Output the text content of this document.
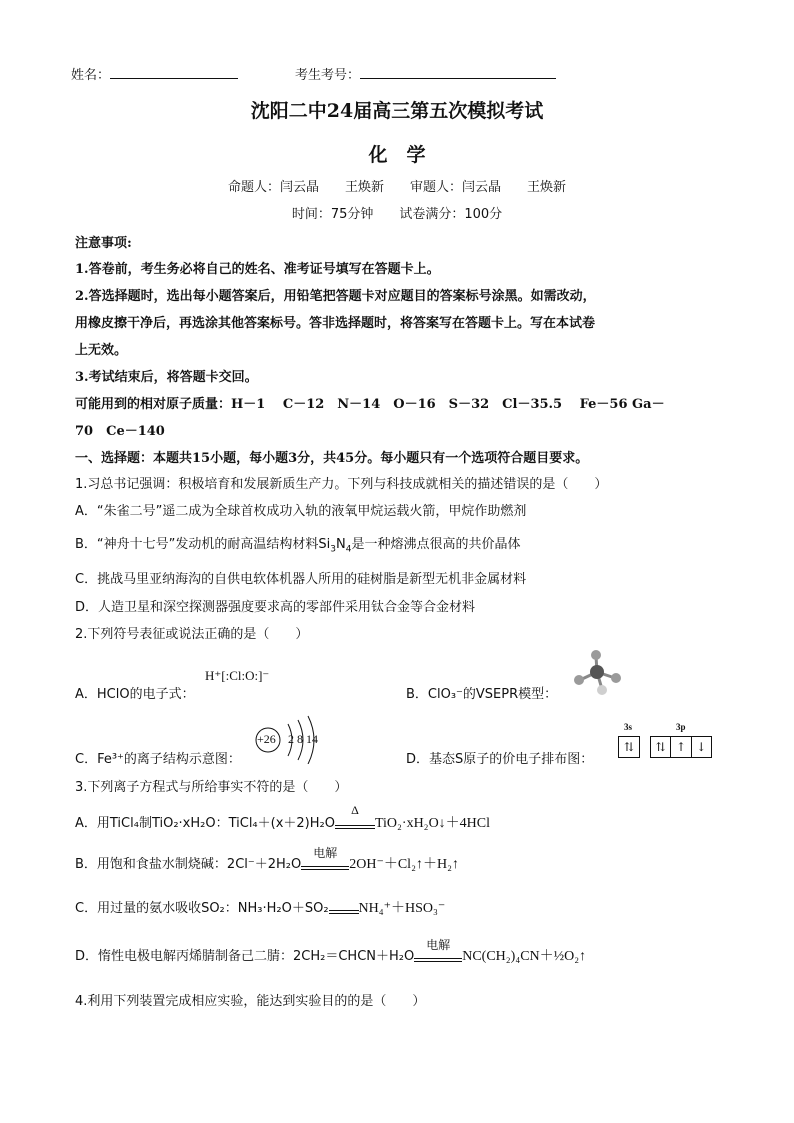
姓名：	考生考号：
沈阳二中24届高三第五次模拟考试
化　学
命题人：闫云晶　　王焕新　　审题人：闫云晶　　王焕新
时间：75分钟　　试卷满分：100分
注意事项:
1.答卷前，考生务必将自己的姓名、准考证号填写在答题卡上。
2.答选择题时，选出每小题答案后，用铅笔把答题卡对应题目的答案标号涂黑。如需改动，
用橡皮擦干净后，再选涂其他答案标号。答非选择题时，将答案写在答题卡上。写在本试卷
上无效。
3.考试结束后，将答题卡交回。
可能用到的相对原子质量：H－1　 C－12　N－14　O－16　S－32　Cl－35.5　 Fe－56 Ga－
70　Ce－140
一、选择题：本题共15小题，每小题3分，共45分。每小题只有一个选项符合题目要求。
1.习总书记强调：积极培育和发展新质生产力。下列与科技成就相关的描述错误的是（　　）
A．“朱雀二号”遥二成为全球首枚成功入轨的液氧甲烷运载火箭，甲烷作助燃剂
B．“神舟十七号”发动机的耐高温结构材料$Si_3N_4$是一种熔沸点很高的共价晶体
C．挑战马里亚纳海沟的自供电软体机器人所用的硅树脂是新型无机非金属材料
D．人造卫星和深空探测器强度要求高的零部件采用钛合金等合金材料
2.下列符号表征或说法正确的是（　　）
A．HClO的电子式：
H⁺[:Cl:O:]⁻
B．ClO₃⁻的VSEPR模型：
C．Fe³⁺的离子结构示意图：
+26 2 8 14
D．基态S原子的价电子排布图：
3s	3p
⇅	⇅ ↑ ↓
3.下列离子方程式与所给事实不符的是（　　）
A．用TiCl₄制TiO₂·xH₂O：TiCl₄＋(x＋2)H₂O
Δ
TiO₂·xH₂O↓＋4HCl
B．用饱和食盐水制烧碱：2Cl⁻＋2H₂O
电解
2OH⁻＋Cl₂↑＋H₂↑
C．用过量的氨水吸收SO₂：NH₃·H₂O＋SO₂ NH₄⁺＋HSO₃⁻
D．惰性电极电解丙烯腈制备己二腈：2CH₂＝CHCN＋H₂O
电解
NC(CH₂)₄CN＋½O₂↑
4.利用下列装置完成相应实验，能达到实验目的的是（　　）
